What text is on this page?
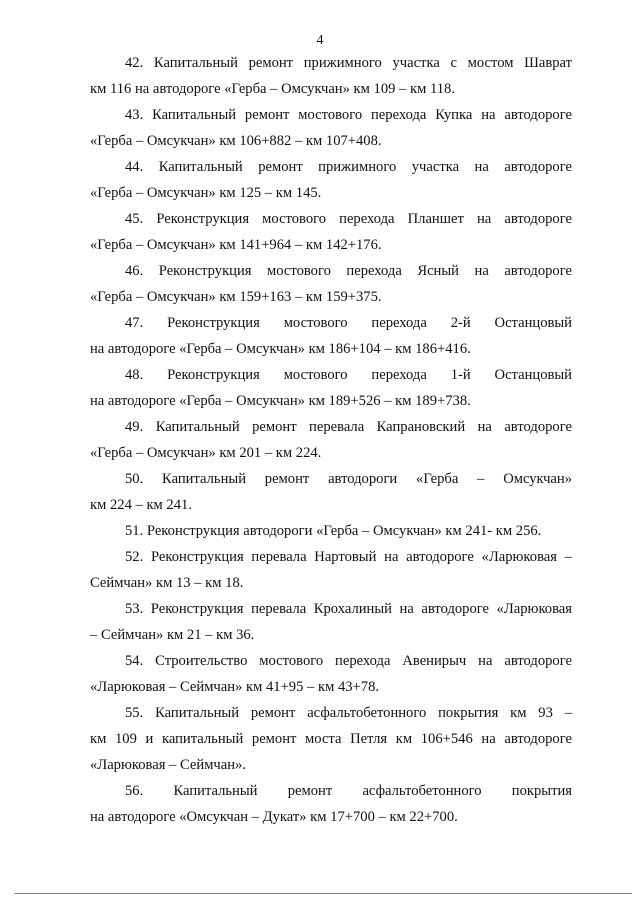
4
42. Капитальный ремонт прижимного участка с мостом Шаврат
км 116 на автодороге «Герба – Омсукчан» км 109 – км 118.
43. Капитальный ремонт мостового перехода Купка на автодороге
«Герба – Омсукчан» км 106+882 – км 107+408.
44. Капитальный ремонт прижимного участка на автодороге
«Герба – Омсукчан» км 125 – км 145.
45. Реконструкция мостового перехода Планшет на автодороге
«Герба – Омсукчан» км 141+964 – км 142+176.
46. Реконструкция мостового перехода Ясный на автодороге
«Герба – Омсукчан» км 159+163 – км 159+375.
47. Реконструкция мостового перехода 2-й Останцовый
на автодороге «Герба – Омсукчан» км 186+104 – км 186+416.
48. Реконструкция мостового перехода 1-й Останцовый
на автодороге «Герба – Омсукчан» км 189+526 – км 189+738.
49. Капитальный ремонт перевала Капрановский на автодороге
«Герба – Омсукчан» км 201 – км 224.
50. Капитальный ремонт автодороги «Герба – Омсукчан»
км 224 – км 241.
51. Реконструкция автодороги «Герба – Омсукчан» км 241- км 256.
52. Реконструкция перевала Нартовый на автодороге «Ларюковая –
Сеймчан» км 13 – км 18.
53. Реконструкция перевала Крохалиный на автодороге «Ларюковая
– Сеймчан» км 21 – км 36.
54. Строительство мостового перехода Авенирыч на автодороге
«Ларюковая – Сеймчан» км 41+95 – км 43+78.
55. Капитальный ремонт асфальтобетонного покрытия км 93 –
км 109 и капитальный ремонт моста Петля км 106+546 на автодороге
«Ларюковая – Сеймчан».
56. Капитальный ремонт асфальтобетонного покрытия
на автодороге «Омсукчан – Дукат» км 17+700 – км 22+700.
